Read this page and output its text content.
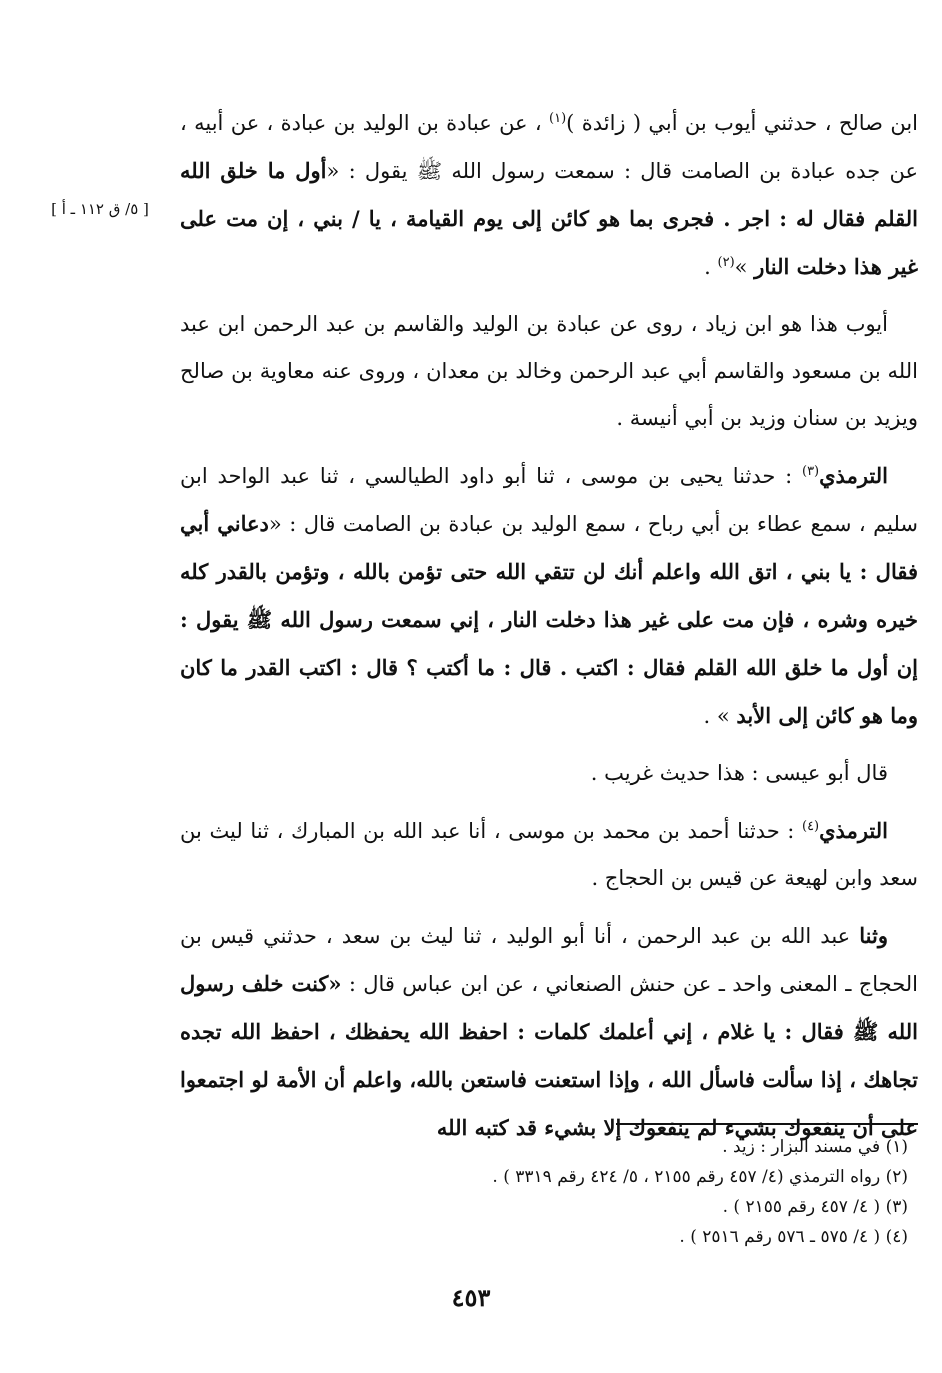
[ ٥/ ق ١١٢ ـ أ ]

ابن صالح ، حدثني أيوب بن أبي ( زائدة )$^{(١)}$ ، عن عبادة بن الوليد بن عبادة ، عن أبيه ، عن جده عبادة بن الصامت قال : سمعت رسول الله ﷺ يقول : «أول ما خلق الله القلم فقال له : اجر . فجرى بما هو كائن إلى يوم القيامة ، يا / بني ، إن مت على غير هذا دخلت النار »$^{(٢)}$ .

أيوب هذا هو ابن زياد ، روى عن عبادة بن الوليد والقاسم بن عبد الرحمن ابن عبد الله بن مسعود والقاسم أبي عبد الرحمن وخالد بن معدان ، وروى عنه معاوية بن صالح ويزيد بن سنان وزيد بن أبي أنيسة .

الترمذي$^{(٣)}$ : حدثنا يحيى بن موسى ، ثنا أبو داود الطيالسي ، ثنا عبد الواحد ابن سليم ، سمع عطاء بن أبي رباح ، سمع الوليد بن عبادة بن الصامت قال : «دعاني أبي فقال : يا بني ، اتق الله واعلم أنك لن تتقي الله حتى تؤمن بالله ، وتؤمن بالقدر كله خيره وشره ، فإن مت على غير هذا دخلت النار ، إني سمعت رسول الله ﷺ يقول : إن أول ما خلق الله القلم فقال : اكتب . قال : ما أكتب ؟ قال : اكتب القدر ما كان وما هو كائن إلى الأبد » .

قال أبو عيسى : هذا حديث غريب .

الترمذي$^{(٤)}$ : حدثنا أحمد بن محمد بن موسى ، أنا عبد الله بن المبارك ، ثنا ليث بن سعد وابن لهيعة عن قيس بن الحجاج .

وثنا عبد الله بن عبد الرحمن ، أنا أبو الوليد ، ثنا ليث بن سعد ، حدثني قيس بن الحجاج ـ المعنى واحد ـ عن حنش الصنعاني ، عن ابن عباس قال : «كنت خلف رسول الله ﷺ فقال : يا غلام ، إني أعلمك كلمات : احفظ الله يحفظك ، احفظ الله تجده تجاهك ، إذا سألت فاسأل الله ، وإذا استعنت فاستعن بالله، واعلم أن الأمة لو اجتمعوا على أن ينفعوك بشيء لم ينفعوك إلا بشيء قد كتبه الله

(١) في مسند البزار : زيد .

(٢) رواه الترمذي (٤/ ٤٥٧ رقم ٢١٥٥ ، ٥/ ٤٢٤ رقم ٣٣١٩ ) .

(٣) ( ٤/ ٤٥٧ رقم ٢١٥٥ ) .

(٤) ( ٤/ ٥٧٥ ـ ٥٧٦ رقم ٢٥١٦ ) .

٤٥٣
